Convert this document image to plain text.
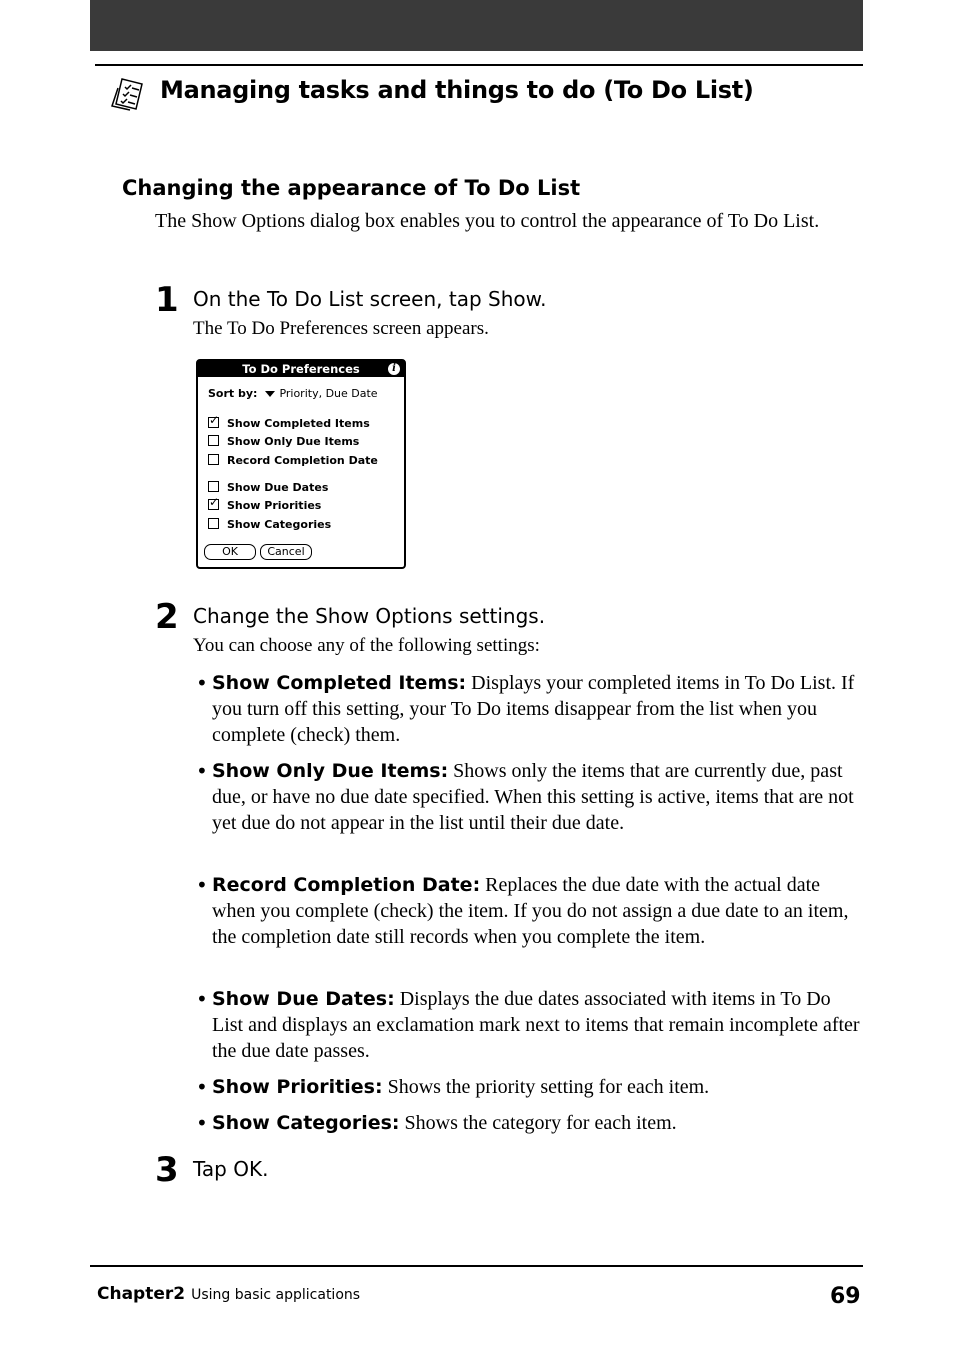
Managing tasks and things to do (To Do List)
Changing the appearance of To Do List
The Show Options dialog box enables you to control the appearance of To Do List.
1 On the To Do List screen, tap Show.
The To Do Preferences screen appears.
To Do Preferences	i
Sort by: Priority, Due Date
✓Show Completed Items
Show Only Due Items
Record Completion Date
Show Due Dates
✓Show Priorities
Show Categories
OK	Cancel
2 Change the Show Options settings.
You can choose any of the following settings:
• Show Completed Items: Displays your completed items in To Do List. If you turn off this setting, your To Do items disappear from the list when you complete (check) them.
• Show Only Due Items: Shows only the items that are currently due, past due, or have no due date specified. When this setting is active, items that are not yet due do not appear in the list until their due date.
• Record Completion Date: Replaces the due date with the actual date when you complete (check) the item. If you do not assign a due date to an item, the completion date still records when you complete the item.
• Show Due Dates: Displays the due dates associated with items in To Do List and displays an exclamation mark next to items that remain incomplete after the due date passes.
• Show Priorities: Shows the priority setting for each item.
• Show Categories: Shows the category for each item.
3 Tap OK.
Chapter2 Using basic applications	69
